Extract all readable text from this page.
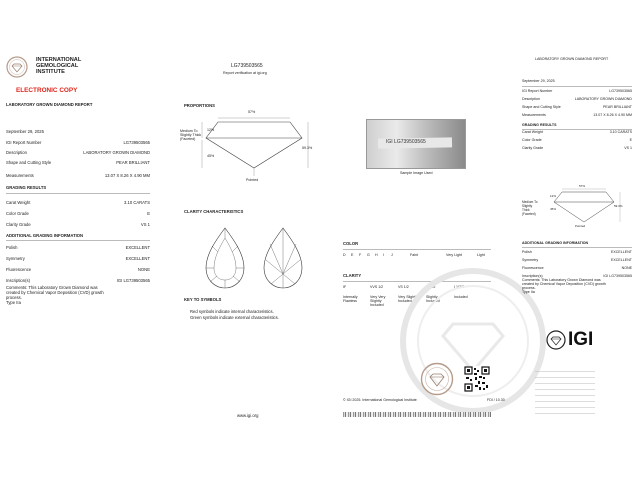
INTERNATIONAL
GEMOLOGICAL
INSTITUTE
ELECTRONIC COPY
LABORATORY GROWN DIAMOND REPORT
September 29, 2025
IGI Report Number	LG739503565
Description	LABORATORY GROWN DIAMOND
Shape and Cutting Style	PEAR BRILLIANT
Measurements	13.07 X 8.26 X 4.90 MM
GRADING RESULTS
Carat Weight	3.10 CARATS
Color Grade	E
Clarity Grade	VS 1
ADDITIONAL GRADING INFORMATION
Polish	EXCELLENT
Symmetry	EXCELLENT
Fluorescence	NONE
Inscription(s)	IGI LG739503565
Comments: This Laboratory Grown Diamond was
created by Chemical Vapor Deposition (CVD) growth
process.
Type IIa
LG739503565
Report verification at igi.org
PROPORTIONS
57%
12%
45%
59.3%
Medium To
Slightly Thick
(Faceted)
Pointed
CLARITY CHARACTERISTICS
KEY TO SYMBOLS
Red symbols indicate internal characteristics.
Green symbols indicate external characteristics.
www.igi.org
IGI LG739503565
Sample Image Used
COLOR
D E F G H I J	Faint	Very Light	Light
CLARITY
IF	VVS 1/2	VS 1/2	SI 1/2	I 1/2/3
Internally Flawless
Very Very Slightly Included
Very Slightly Included
Slightly Included
Included
© IGI 2025. International Gemological Institute	FDI / 10.30
LABORATORY GROWN DIAMOND REPORT
September 29, 2025
IGI Report Number	LG739503565
Description	LABORATORY GROWN DIAMOND
Shape and Cutting Style	PEAR BRILLIANT
Measurements	13.07 X 8.26 X 4.90 MM
GRADING RESULTS
Carat Weight	3.10 CARATS
Color Grade	E
Clarity Grade	VS 1
57%
12%
45%
59.3%
Medium To
Slightly
Thick
(Faceted)
Pointed
ADDITIONAL GRADING INFORMATION
Polish	EXCELLENT
Symmetry	EXCELLENT
Fluorescence	NONE
Inscription(s)	IGI LG739503565
Comments: This Laboratory Grown Diamond was
created by Chemical Vapor Deposition (CVD) growth
process.
Type IIa
IGI
